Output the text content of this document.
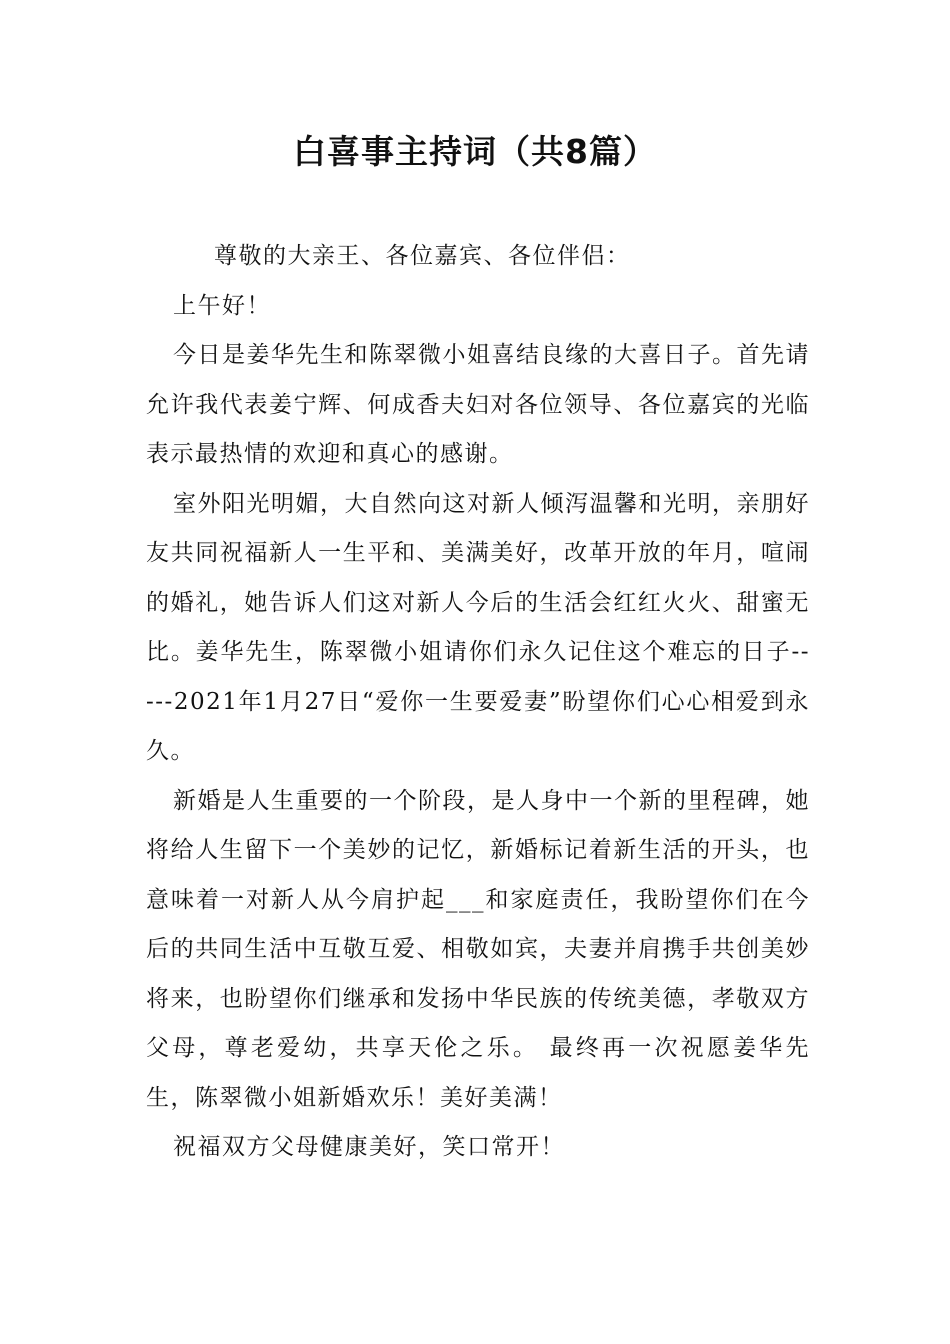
白喜事主持词（共8篇）

尊敬的大亲王、各位嘉宾、各位伴侣：

上午好！

今日是姜华先生和陈翠微小姐喜结良缘的大喜日子。首先请允许我代表姜宁辉、何成香夫妇对各位领导、各位嘉宾的光临表示最热情的欢迎和真心的感谢。

室外阳光明媚，大自然向这对新人倾泻温馨和光明，亲朋好友共同祝福新人一生平和、美满美好，改革开放的年月，喧闹的婚礼，她告诉人们这对新人今后的生活会红红火火、甜蜜无比。姜华先生，陈翠微小姐请你们永久记住这个难忘的日子-----2021年1月27日“爱你一生要爱妻”盼望你们心心相爱到永久。

新婚是人生重要的一个阶段，是人身中一个新的里程碑，她将给人生留下一个美妙的记忆，新婚标记着新生活的开头，也意味着一对新人从今肩护起___和家庭责任，我盼望你们在今后的共同生活中互敬互爱、相敬如宾，夫妻并肩携手共创美妙将来，也盼望你们继承和发扬中华民族的传统美德，孝敬双方父母，尊老爱幼，共享天伦之乐。 最终再一次祝愿姜华先生，陈翠微小姐新婚欢乐！美好美满！

祝福双方父母健康美好，笑口常开！
